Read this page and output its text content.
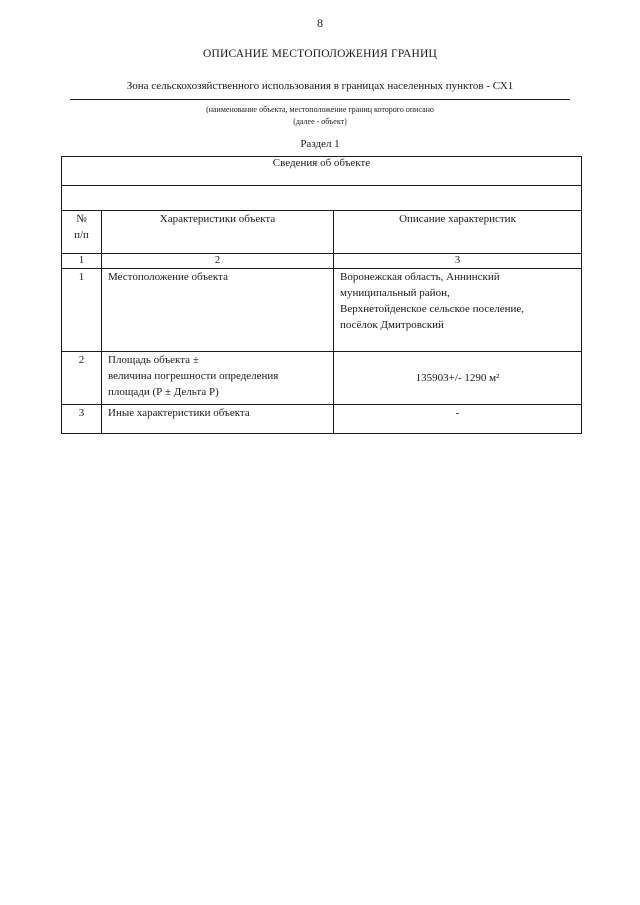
8
ОПИСАНИЕ МЕСТОПОЛОЖЕНИЯ ГРАНИЦ
Зона сельскохозяйственного использования в границах населенных пунктов - СХ1
(наименование объекта, местоположение границ которого описано
(далее - объект)
Раздел 1
Сведения об объекте		

№
п/п	Характеристики объекта	Описание характеристик
1	2	3
1	Местоположение объекта	Воронежская область, Аннинский
муниципальный район,
Верхнетойденское сельское поселение,
посёлок Дмитровский

2	Площадь объекта ±
величина погрешности определения
площади (Р ± Дельта Р)	135903+/- 1290 м²

3	Иные характеристики объекта	-
